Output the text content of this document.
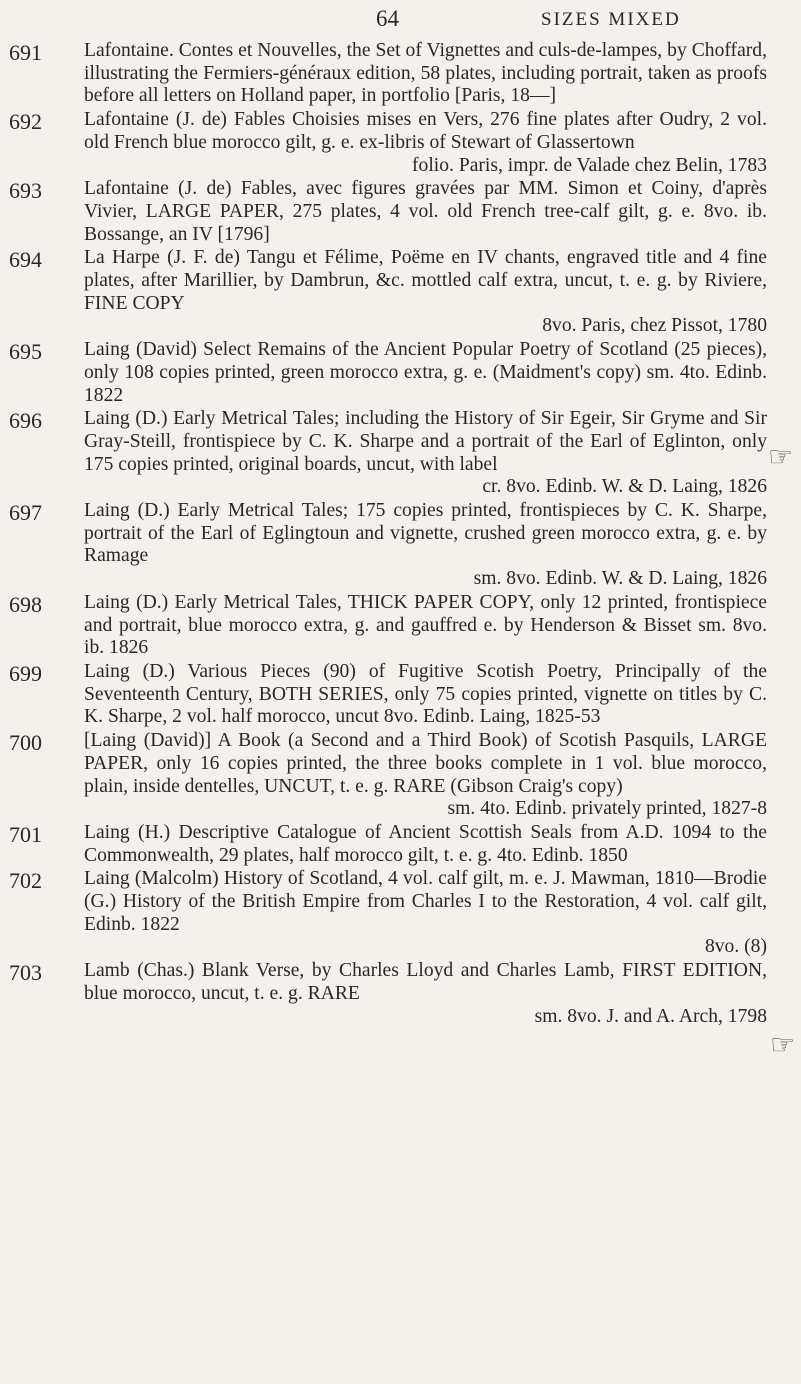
64	SIZES MIXED
691	Lafontaine. Contes et Nouvelles, the Set of Vignettes and culs-de-lampes, by Choffard, illustrating the Fermiers-généraux edition, 58 plates, including portrait, taken as proofs before all letters on Holland paper, in portfolio [Paris, 18—]
692	Lafontaine (J. de) Fables Choisies mises en Vers, 276 fine plates after Oudry, 2 vol. old French blue morocco gilt, g. e. ex-libris of Stewart of Glassertown
folio. Paris, impr. de Valade chez Belin, 1783
693	Lafontaine (J. de) Fables, avec figures gravées par MM. Simon et Coiny, d'après Vivier, LARGE PAPER, 275 plates, 4 vol. old French tree-calf gilt, g. e. 8vo. ib. Bossange, an IV [1796]
694	La Harpe (J. F. de) Tangu et Félime, Poëme en IV chants, engraved title and 4 fine plates, after Marillier, by Dambrun, &c. mottled calf extra, uncut, t. e. g. by Riviere, FINE COPY
8vo. Paris, chez Pissot, 1780
695	Laing (David) Select Remains of the Ancient Popular Poetry of Scotland (25 pieces), only 108 copies printed, green morocco extra, g. e. (Maidment's copy) sm. 4to. Edinb. 1822
696	Laing (D.) Early Metrical Tales; including the History of Sir Egeir, Sir Gryme and Sir Gray-Steill, frontispiece by C. K. Sharpe and a portrait of the Earl of Eglinton, only 175 copies printed, original boards, uncut, with label
cr. 8vo. Edinb. W. & D. Laing, 1826
697	Laing (D.) Early Metrical Tales; 175 copies printed, frontispieces by C. K. Sharpe, portrait of the Earl of Eglingtoun and vignette, crushed green morocco extra, g. e. by Ramage
sm. 8vo. Edinb. W. & D. Laing, 1826
698	Laing (D.) Early Metrical Tales, THICK PAPER COPY, only 12 printed, frontispiece and portrait, blue morocco extra, g. and gauffred e. by Henderson & Bisset sm. 8vo. ib. 1826
699	Laing (D.) Various Pieces (90) of Fugitive Scotish Poetry, Principally of the Seventeenth Century, BOTH SERIES, only 75 copies printed, vignette on titles by C. K. Sharpe, 2 vol. half morocco, uncut 8vo. Edinb. Laing, 1825-53
700	[Laing (David)] A Book (a Second and a Third Book) of Scotish Pasquils, LARGE PAPER, only 16 copies printed, the three books complete in 1 vol. blue morocco, plain, inside dentelles, UNCUT, t. e. g. RARE (Gibson Craig's copy)
sm. 4to. Edinb. privately printed, 1827-8
701	Laing (H.) Descriptive Catalogue of Ancient Scottish Seals from A.D. 1094 to the Commonwealth, 29 plates, half morocco gilt, t. e. g. 4to. Edinb. 1850
702	Laing (Malcolm) History of Scotland, 4 vol. calf gilt, m. e. J. Mawman, 1810—Brodie (G.) History of the British Empire from Charles I to the Restoration, 4 vol. calf gilt, Edinb. 1822
8vo. (8)
703	Lamb (Chas.) Blank Verse, by Charles Lloyd and Charles Lamb, FIRST EDITION, blue morocco, uncut, t. e. g. RARE
sm. 8vo. J. and A. Arch, 1798
☞
☞
